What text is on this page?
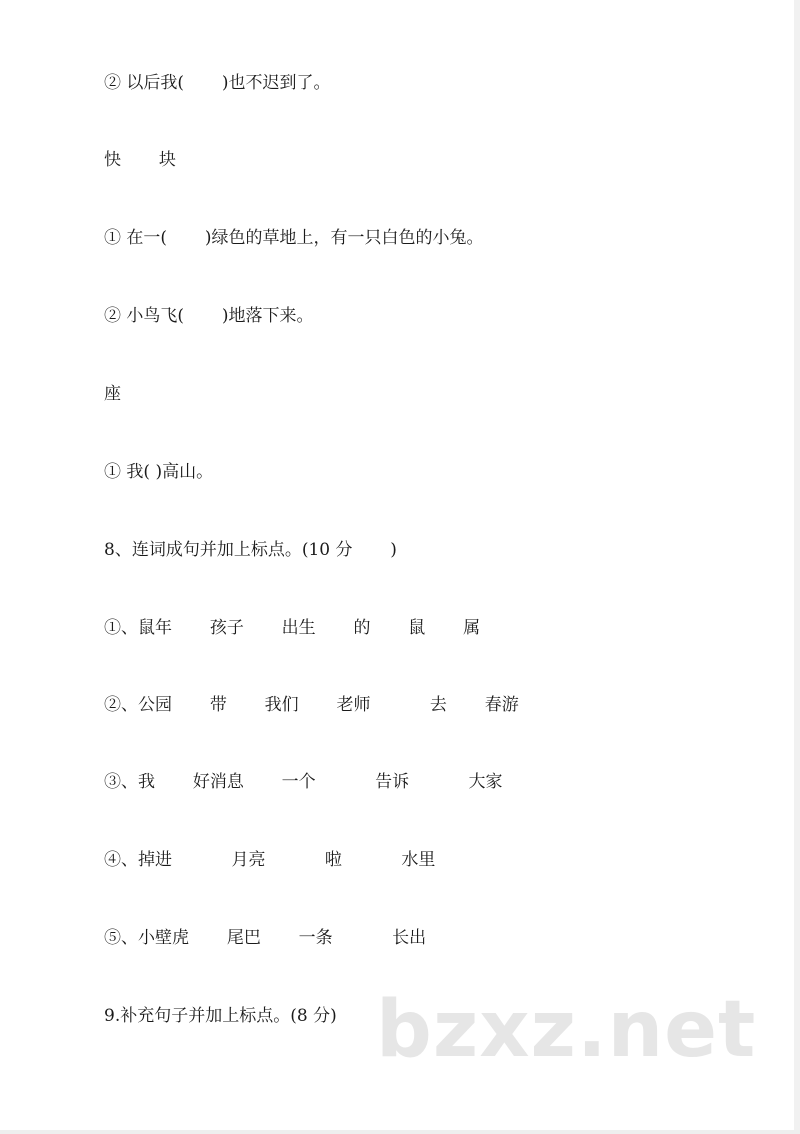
② 以后我(       )也不迟到了。
快       块
① 在一(       )绿色的草地上，有一只白色的小兔。
② 小鸟飞(       )地落下来。
座
① 我( )高山。
8、连词成句并加上标点。(10 分       )
①、鼠年       孩子       出生       的       鼠       属
②、公园       带       我们       老师           去       春游
③、我       好消息       一个           告诉           大家
④、掉进           月亮           啦           水里
⑤、小壁虎       尾巴       一条           长出
9.补充句子并加上标点。(8 分) bzxz.net
